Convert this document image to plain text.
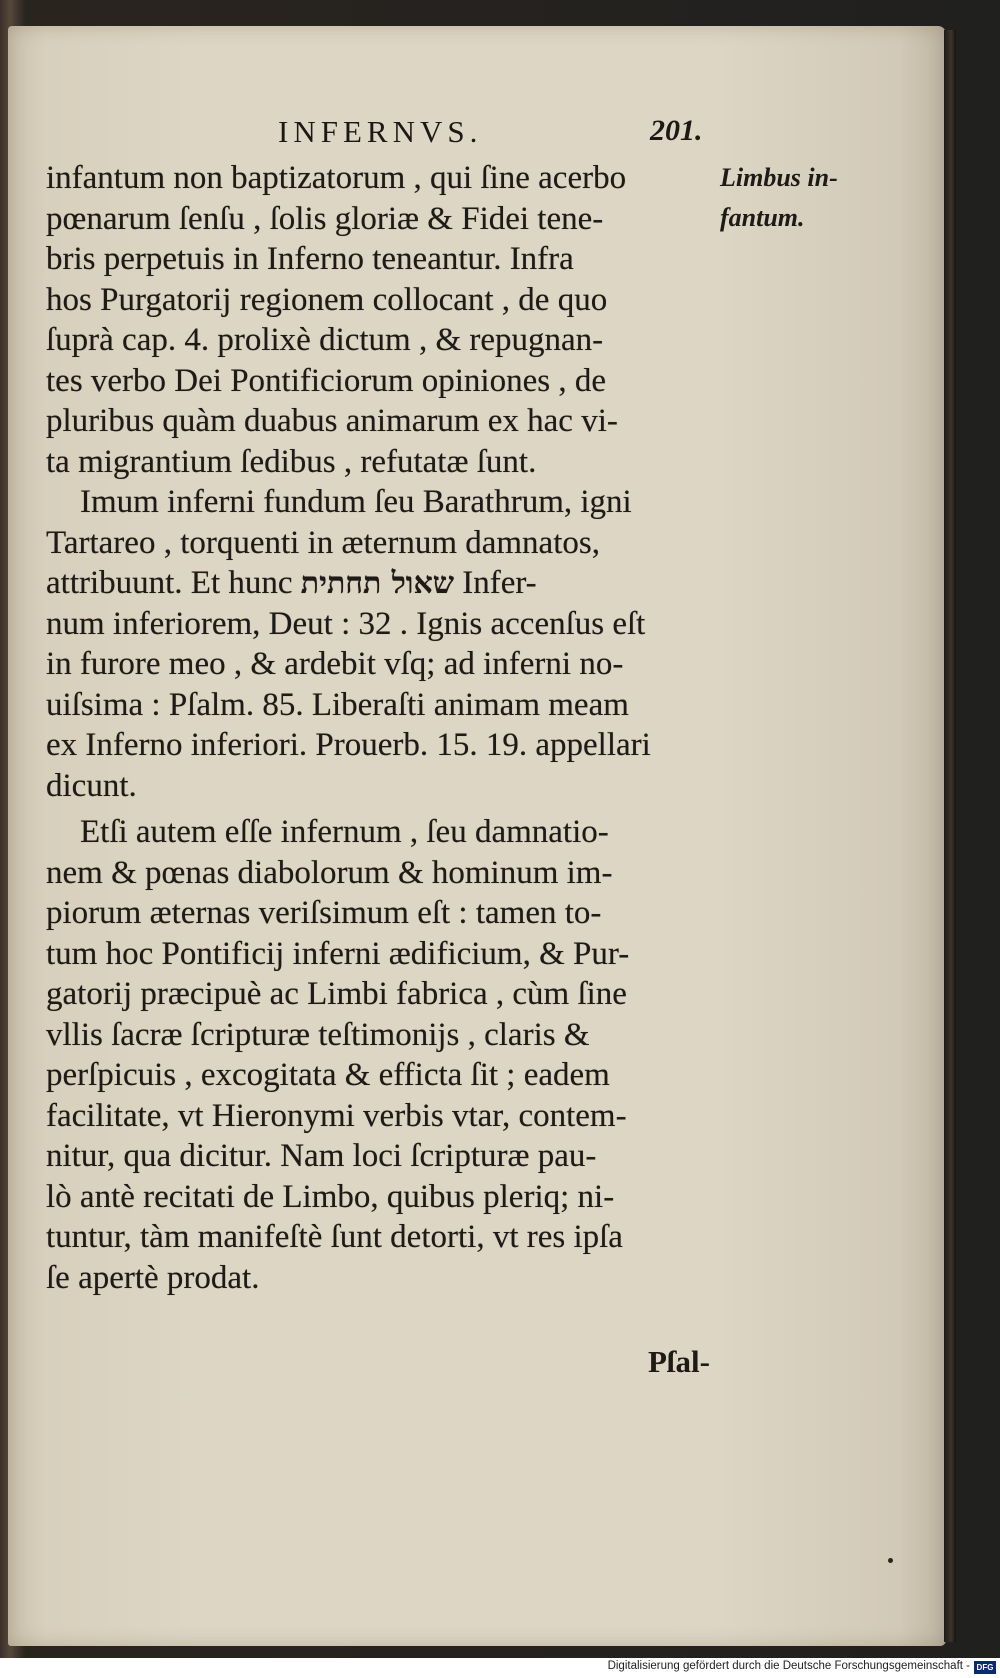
INFERNVS.	201.
Limbus in-
fantum.
infantum non baptizatorum , qui ſine acerbo
pœnarum ſenſu , ſolis gloriæ & Fidei tene-
bris perpetuis in Inferno teneantur. Infra
hos Purgatorij regionem collocant , de quo
ſuprà cap. 4. prolixè dictum , & repugnan-
tes verbo Dei Pontificiorum opiniones , de
pluribus quàm duabus animarum ex hac vi-
ta migrantium ſedibus , refutatæ ſunt.
Imum inferni fundum ſeu Barathrum, igni
Tartareo , torquenti in æternum damnatos,
attribuunt. Et hunc שאול תחתית Infer-
num inferiorem, Deut : 32 . Ignis accenſus eſt
in furore meo , & ardebit vſq; ad inferni no-
uiſsima : Pſalm. 85. Liberaſti animam meam
ex Inferno inferiori. Prouerb. 15. 19. appellari
dicunt.
Etſi autem eſſe infernum , ſeu damnatio-
nem & pœnas diabolorum & hominum im-
piorum æternas veriſsimum eſt : tamen to-
tum hoc Pontificij inferni ædificium, & Pur-
gatorij præcipuè ac Limbi fabrica , cùm ſine
vllis ſacræ ſcripturæ teſtimonijs , claris &
perſpicuis , excogitata & efficta ſit ; eadem
facilitate, vt Hieronymi verbis vtar, contem-
nitur, qua dicitur. Nam loci ſcripturæ pau-
lò antè recitati de Limbo, quibus pleriq; ni-
tuntur, tàm manifeſtè ſunt detorti, vt res ipſa
ſe apertè prodat.
Pſal-
Digitalisierung gefördert durch die Deutsche Forschungsgemeinschaft - DFG
